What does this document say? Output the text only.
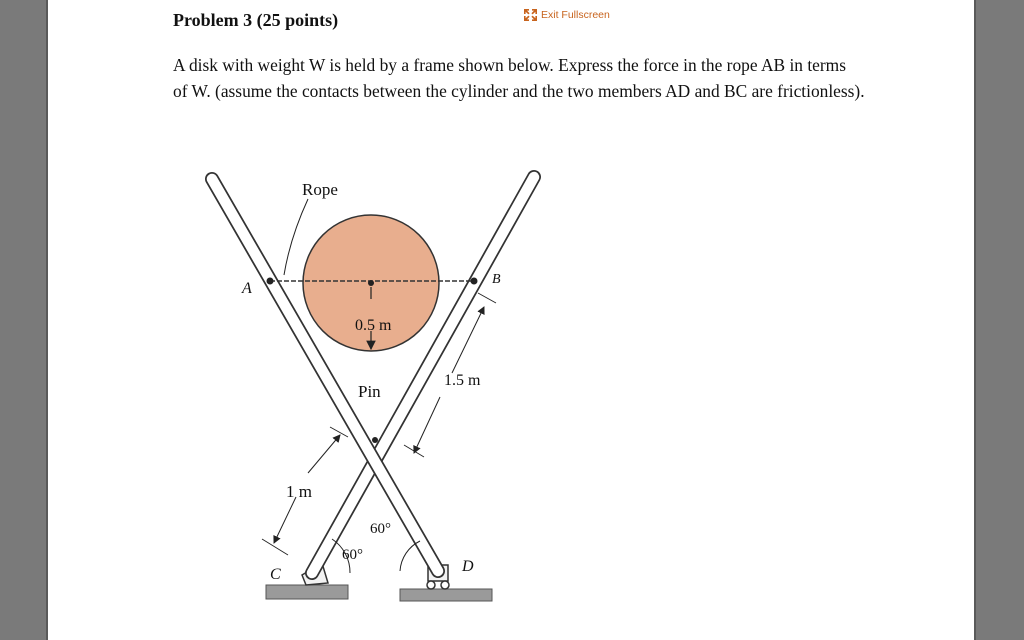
Exit Fullscreen
Problem 3 (25 points)

A disk with weight W is held by a frame shown below. Express the force in the rope AB in terms

of W. (assume the contacts between the cylinder and the two members AD and BC are frictionless).

Rope
A
B
0.5 m
1.5 m
Pin
1 m
60°
60°
C	D
